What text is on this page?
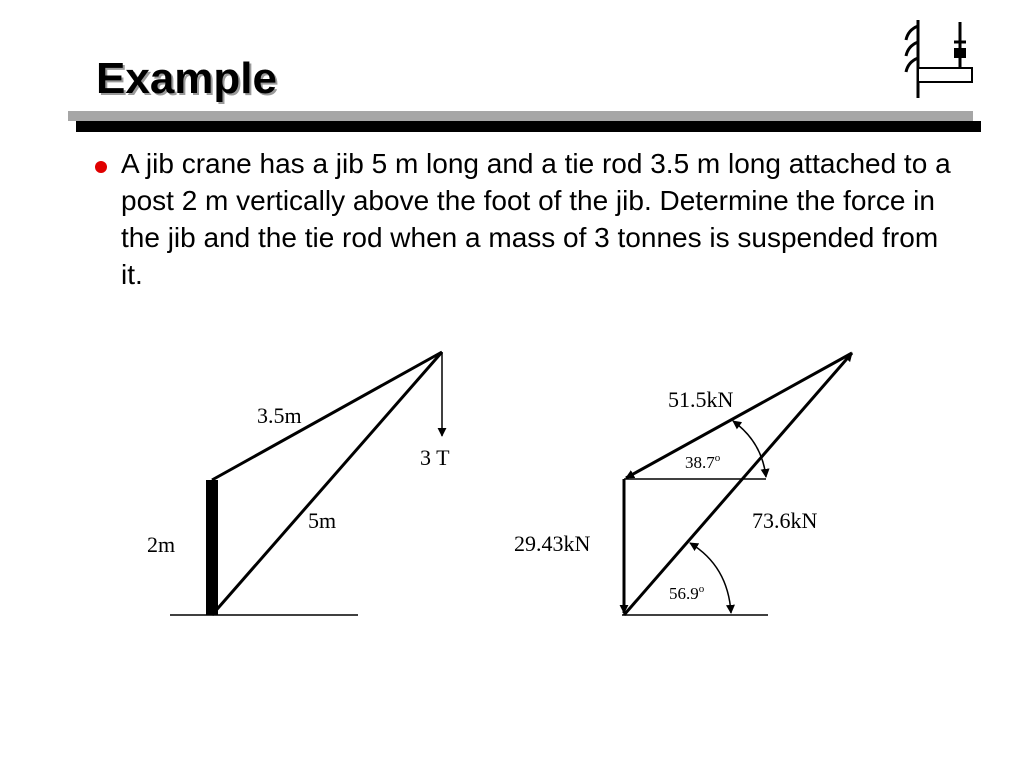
Example
A jib crane has a jib 5 m long and a tie rod 3.5 m long attached to a post 2 m vertically above the foot of the jib. Determine the force in the jib and the tie rod when a mass of 3 tonnes is suspended from it.
3.5m
3 T
5m
2m
51.5kN
38.7$^o$
73.6kN
29.43kN
56.9$^o$
